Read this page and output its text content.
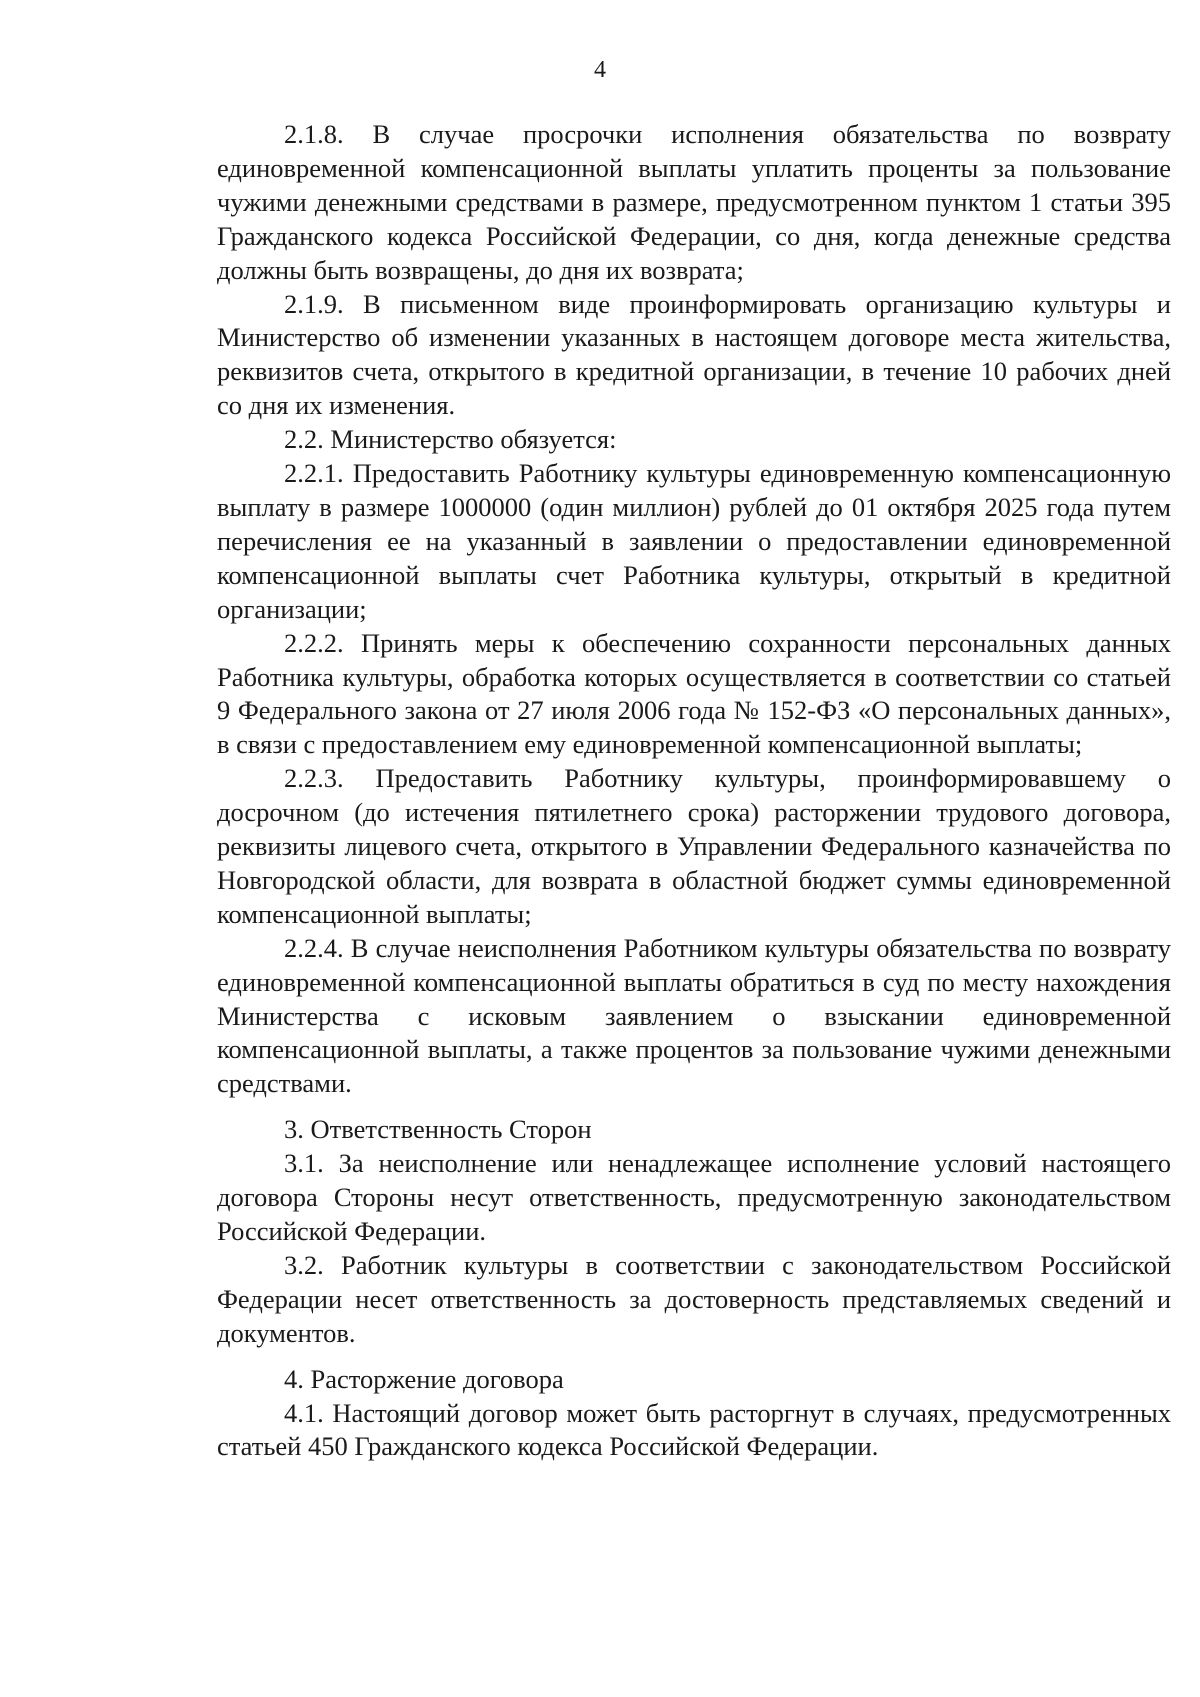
4

2.1.8. В случае просрочки исполнения обязательства по возврату единовременной компенсационной выплаты уплатить проценты за пользование чужими денежными средствами в размере, предусмотренном пунктом 1 статьи 395 Гражданского кодекса Российской Федерации, со дня, когда денежные средства должны быть возвращены, до дня их возврата;

2.1.9. В письменном виде проинформировать организацию культуры и Министерство об изменении указанных в настоящем договоре места жительства, реквизитов счета, открытого в кредитной организации, в течение 10 рабочих дней со дня их изменения.

2.2. Министерство обязуется:

2.2.1. Предоставить Работнику культуры единовременную компенсационную выплату в размере 1000000 (один миллион) рублей до 01 октября 2025 года путем перечисления ее на указанный в заявлении о предоставлении единовременной компенсационной выплаты счет Работника культуры, открытый в кредитной организации;

2.2.2. Принять меры к обеспечению сохранности персональных данных Работника культуры, обработка которых осуществляется в соответствии со статьей 9 Федерального закона от 27 июля 2006 года № 152-ФЗ «О персональных данных», в связи с предоставлением ему единовременной компенсационной выплаты;

2.2.3. Предоставить Работнику культуры, проинформировавшему о досрочном (до истечения пятилетнего срока) расторжении трудового договора, реквизиты лицевого счета, открытого в Управлении Федерального казначейства по Новгородской области, для возврата в областной бюджет суммы единовременной компенсационной выплаты;

2.2.4. В случае неисполнения Работником культуры обязательства по возврату единовременной компенсационной выплаты обратиться в суд по месту нахождения Министерства с исковым заявлением о взыскании единовременной компенсационной выплаты, а также процентов за пользование чужими денежными средствами.

3. Ответственность Сторон

3.1. За неисполнение или ненадлежащее исполнение условий настоящего договора Стороны несут ответственность, предусмотренную законодательством Российской Федерации.

3.2. Работник культуры в соответствии с законодательством Российской Федерации несет ответственность за достоверность представляемых сведений и документов.

4. Расторжение договора

4.1. Настоящий договор может быть расторгнут в случаях, предусмотренных статьей 450 Гражданского кодекса Российской Федерации.
